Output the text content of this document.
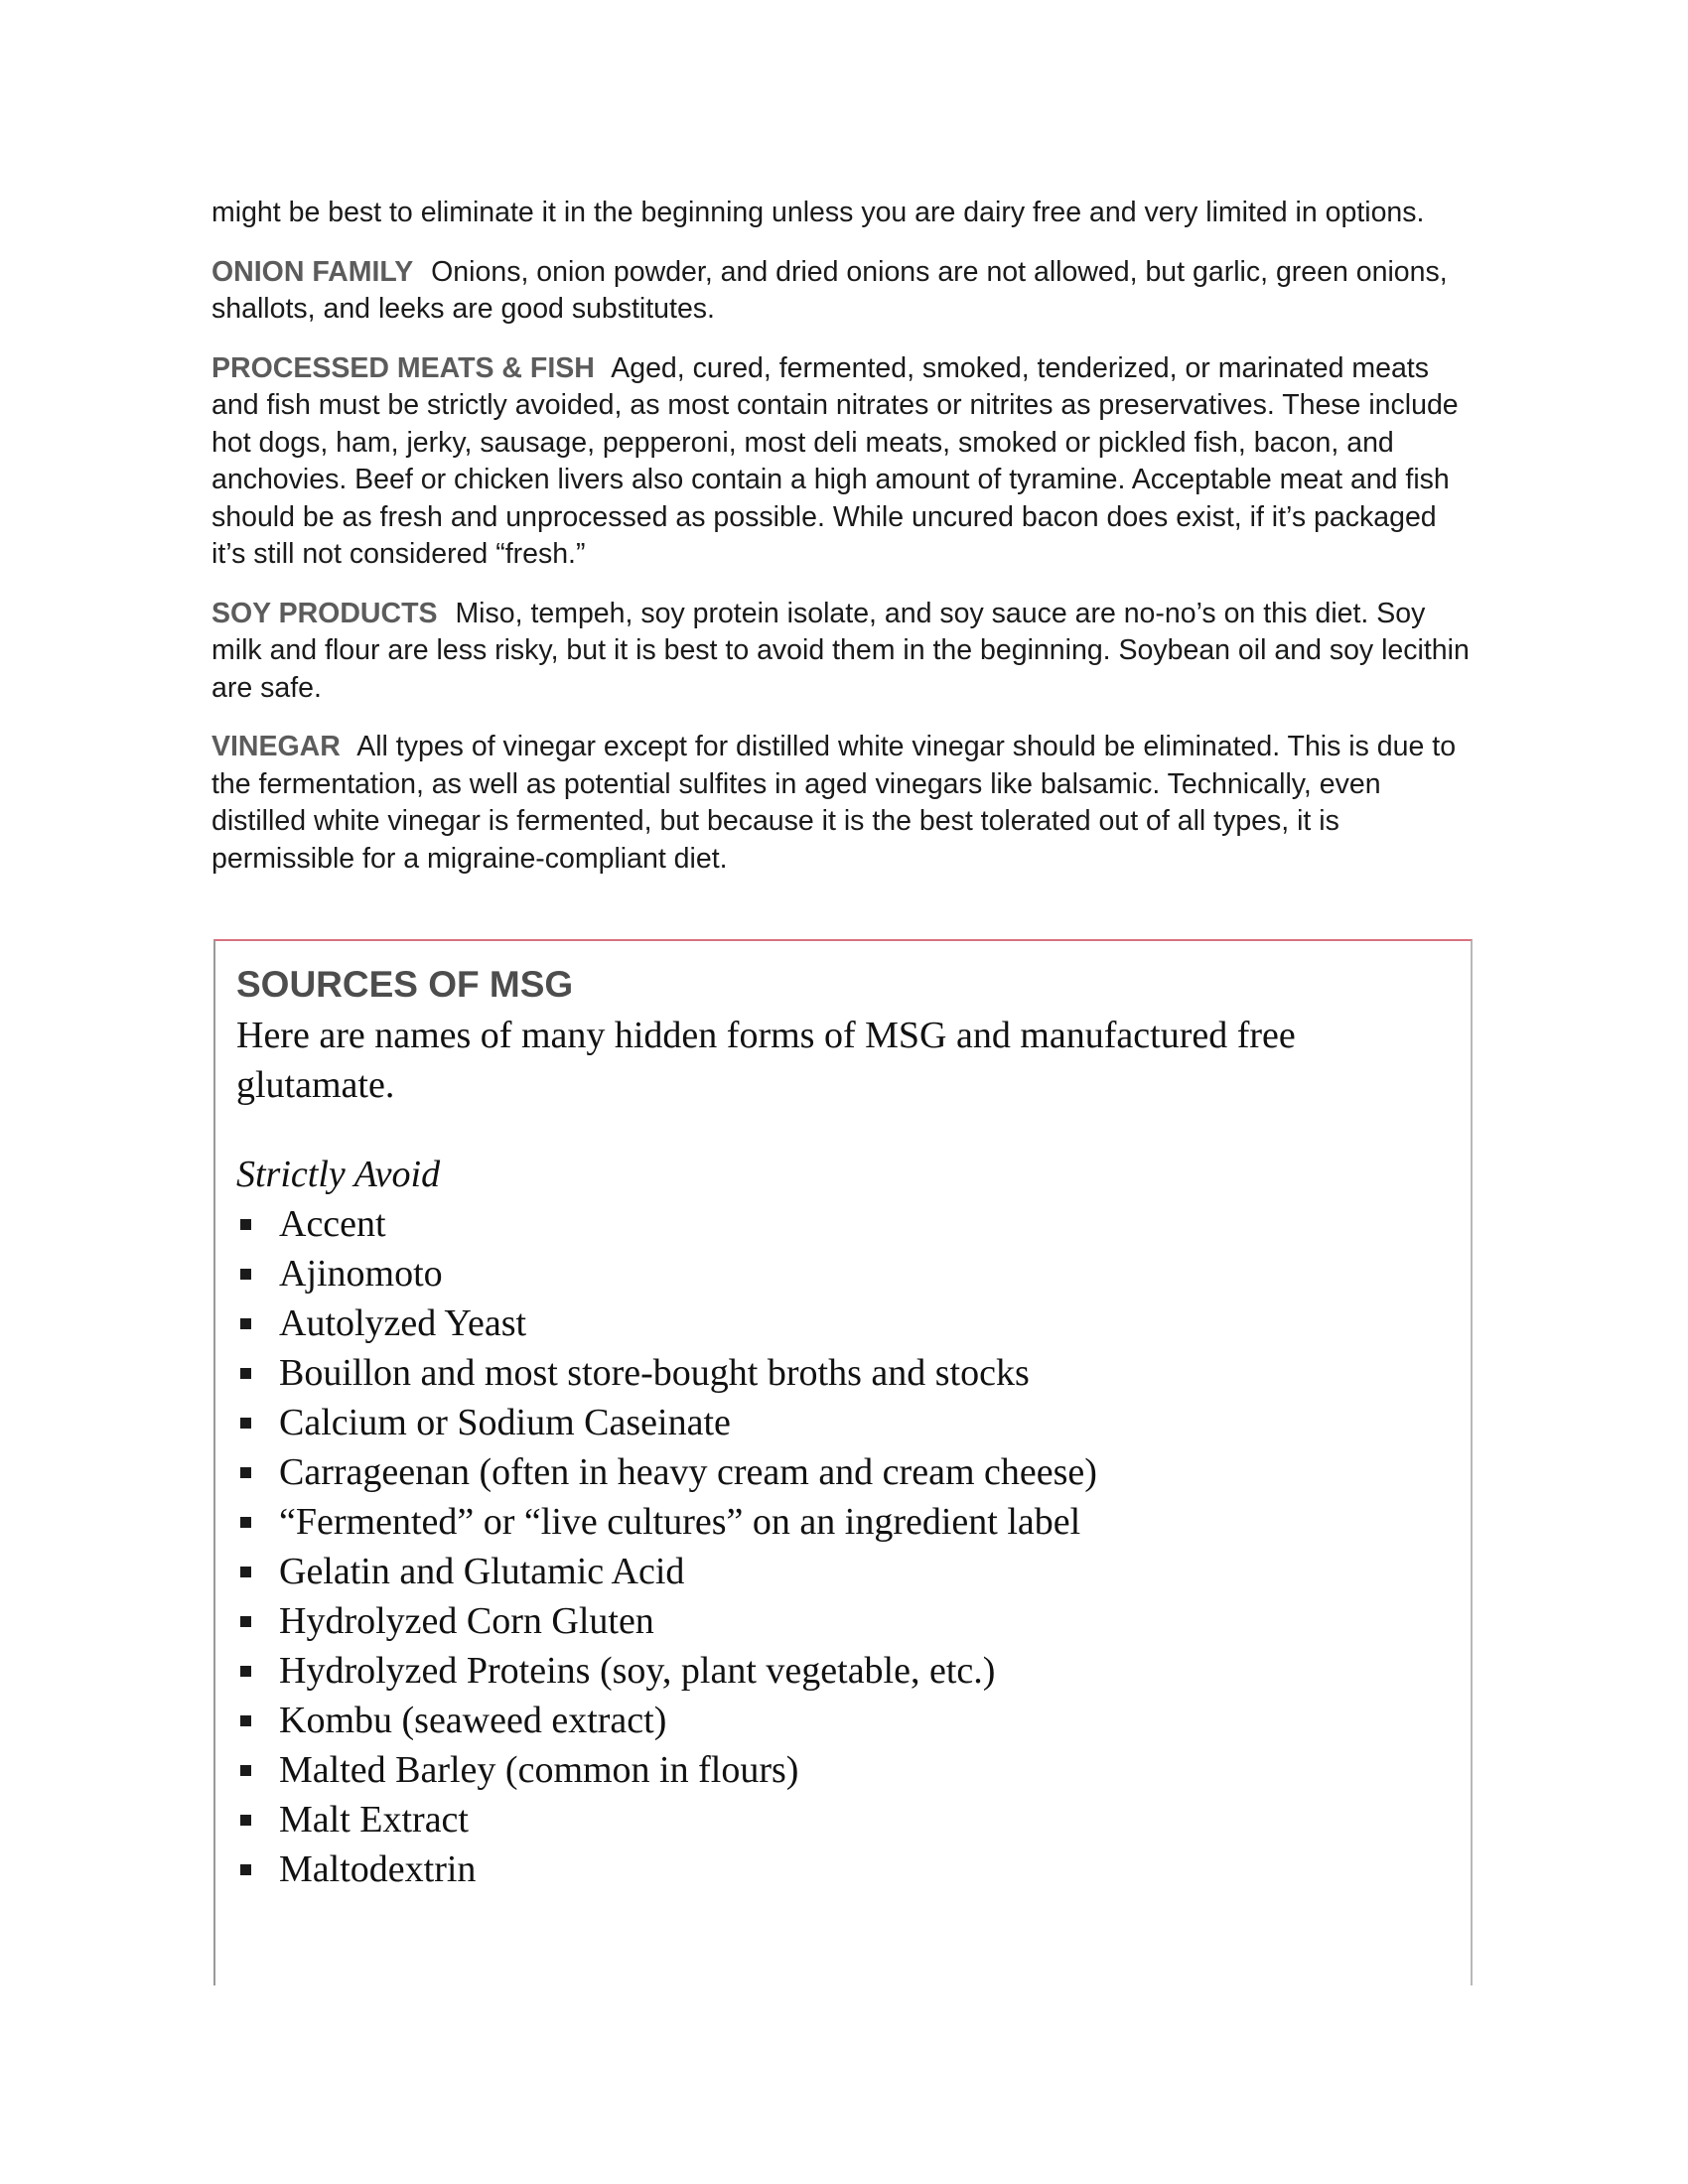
might be best to eliminate it in the beginning unless you are dairy free and very limited in options.

ONION FAMILY Onions, onion powder, and dried onions are not allowed, but garlic, green onions, shallots, and leeks are good substitutes.

PROCESSED MEATS & FISH Aged, cured, fermented, smoked, tenderized, or marinated meats and fish must be strictly avoided, as most contain nitrates or nitrites as preservatives. These include hot dogs, ham, jerky, sausage, pepperoni, most deli meats, smoked or pickled fish, bacon, and anchovies. Beef or chicken livers also contain a high amount of tyramine. Acceptable meat and fish should be as fresh and unprocessed as possible. While uncured bacon does exist, if it’s packaged it’s still not considered “fresh.”

SOY PRODUCTS Miso, tempeh, soy protein isolate, and soy sauce are no-no’s on this diet. Soy milk and flour are less risky, but it is best to avoid them in the beginning. Soybean oil and soy lecithin are safe.

VINEGAR All types of vinegar except for distilled white vinegar should be eliminated. This is due to the fermentation, as well as potential sulfites in aged vinegars like balsamic. Technically, even distilled white vinegar is fermented, but because it is the best tolerated out of all types, it is permissible for a migraine-compliant diet.

SOURCES OF MSG

Here are names of many hidden forms of MSG and manufactured free glutamate.

Strictly Avoid

Accent
Ajinomoto
Autolyzed Yeast
Bouillon and most store-bought broths and stocks
Calcium or Sodium Caseinate
Carrageenan (often in heavy cream and cream cheese)
“Fermented” or “live cultures” on an ingredient label
Gelatin and Glutamic Acid
Hydrolyzed Corn Gluten
Hydrolyzed Proteins (soy, plant vegetable, etc.)
Kombu (seaweed extract)
Malted Barley (common in flours)
Malt Extract
Maltodextrin
